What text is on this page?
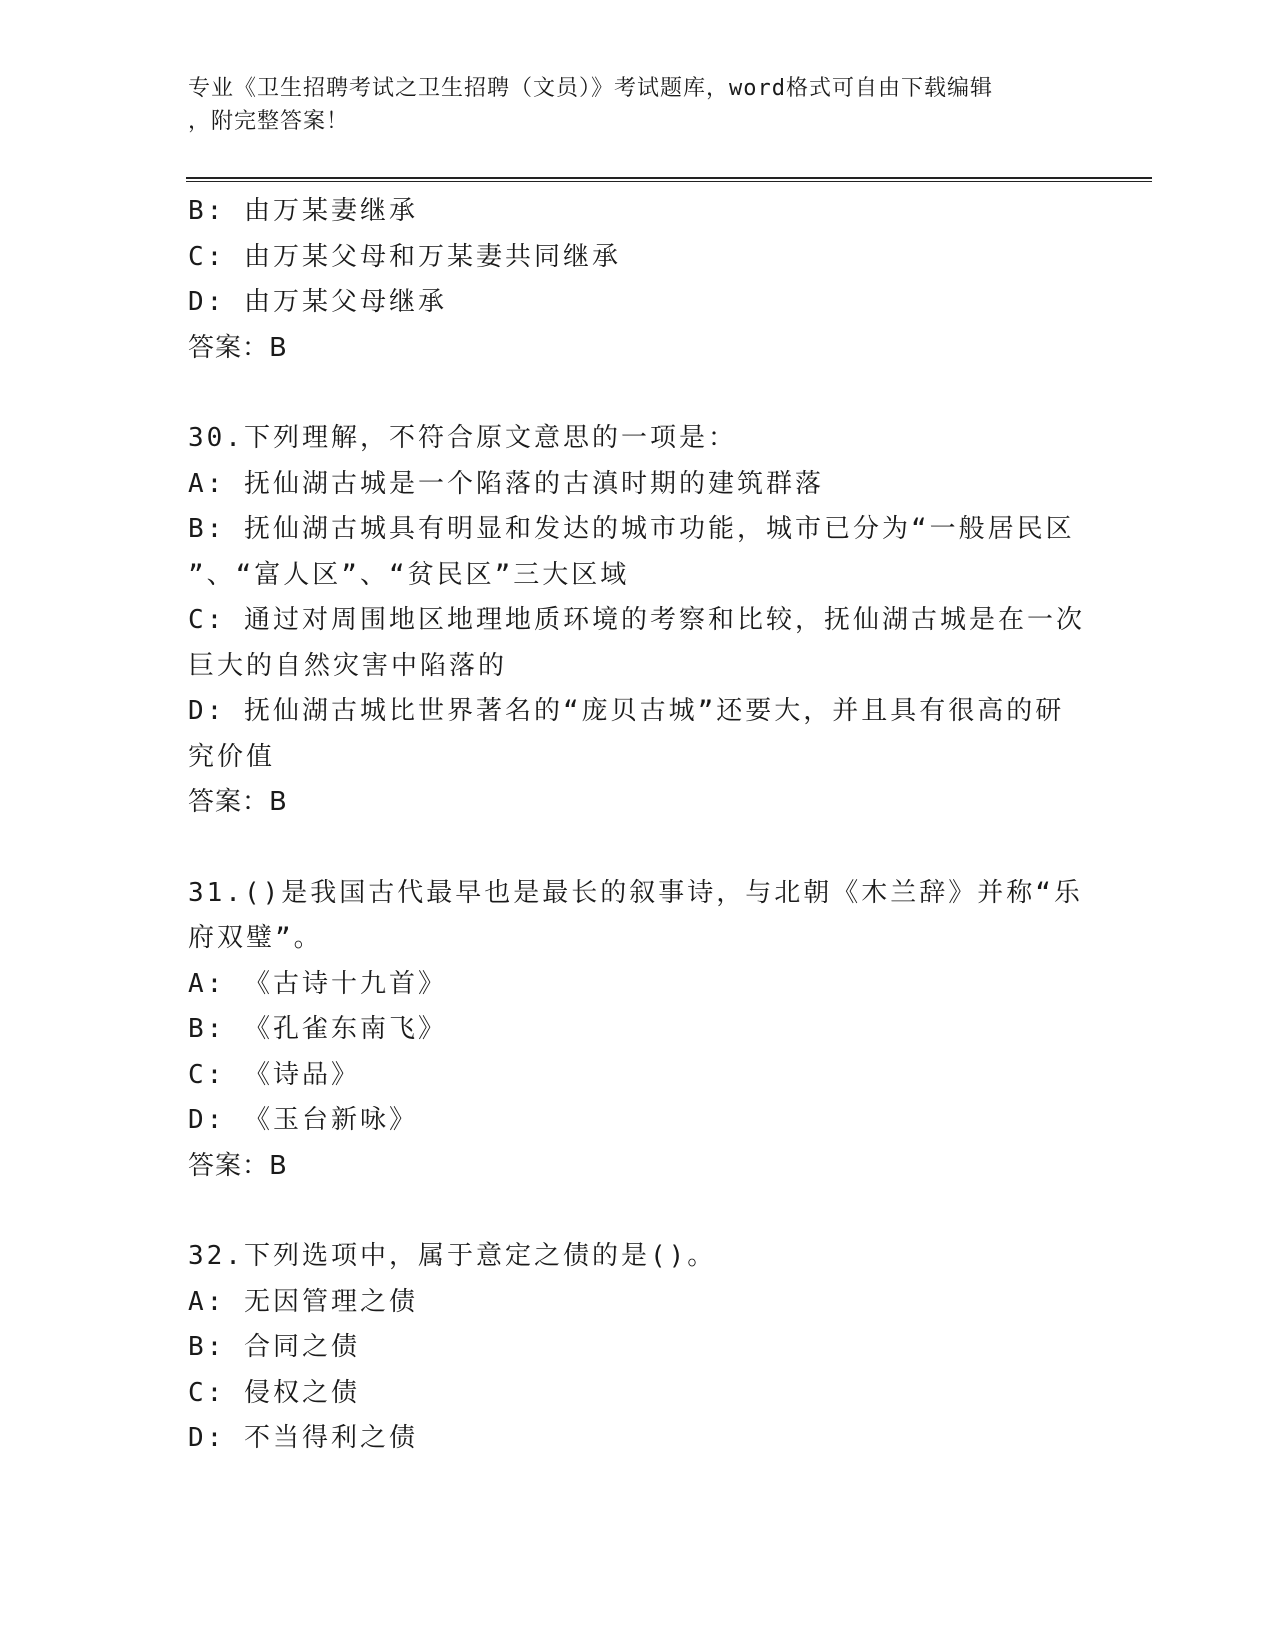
专业《卫生招聘考试之卫生招聘（文员）》考试题库，word格式可自由下载编辑
，附完整答案！
B: 由万某妻继承
C: 由万某父母和万某妻共同继承
D: 由万某父母继承
答案：B
30.下列理解，不符合原文意思的一项是：
A: 抚仙湖古城是一个陷落的古滇时期的建筑群落
B: 抚仙湖古城具有明显和发达的城市功能，城市已分为“一般居民区
”、“富人区”、“贫民区”三大区域
C: 通过对周围地区地理地质环境的考察和比较，抚仙湖古城是在一次
巨大的自然灾害中陷落的
D: 抚仙湖古城比世界著名的“庞贝古城”还要大，并且具有很高的研
究价值
答案：B
31.()是我国古代最早也是最长的叙事诗，与北朝《木兰辞》并称“乐
府双璧”。
A: 《古诗十九首》
B: 《孔雀东南飞》
C: 《诗品》
D: 《玉台新咏》
答案：B
32.下列选项中，属于意定之债的是()。
A: 无因管理之债
B: 合同之债
C: 侵权之债
D: 不当得利之债
